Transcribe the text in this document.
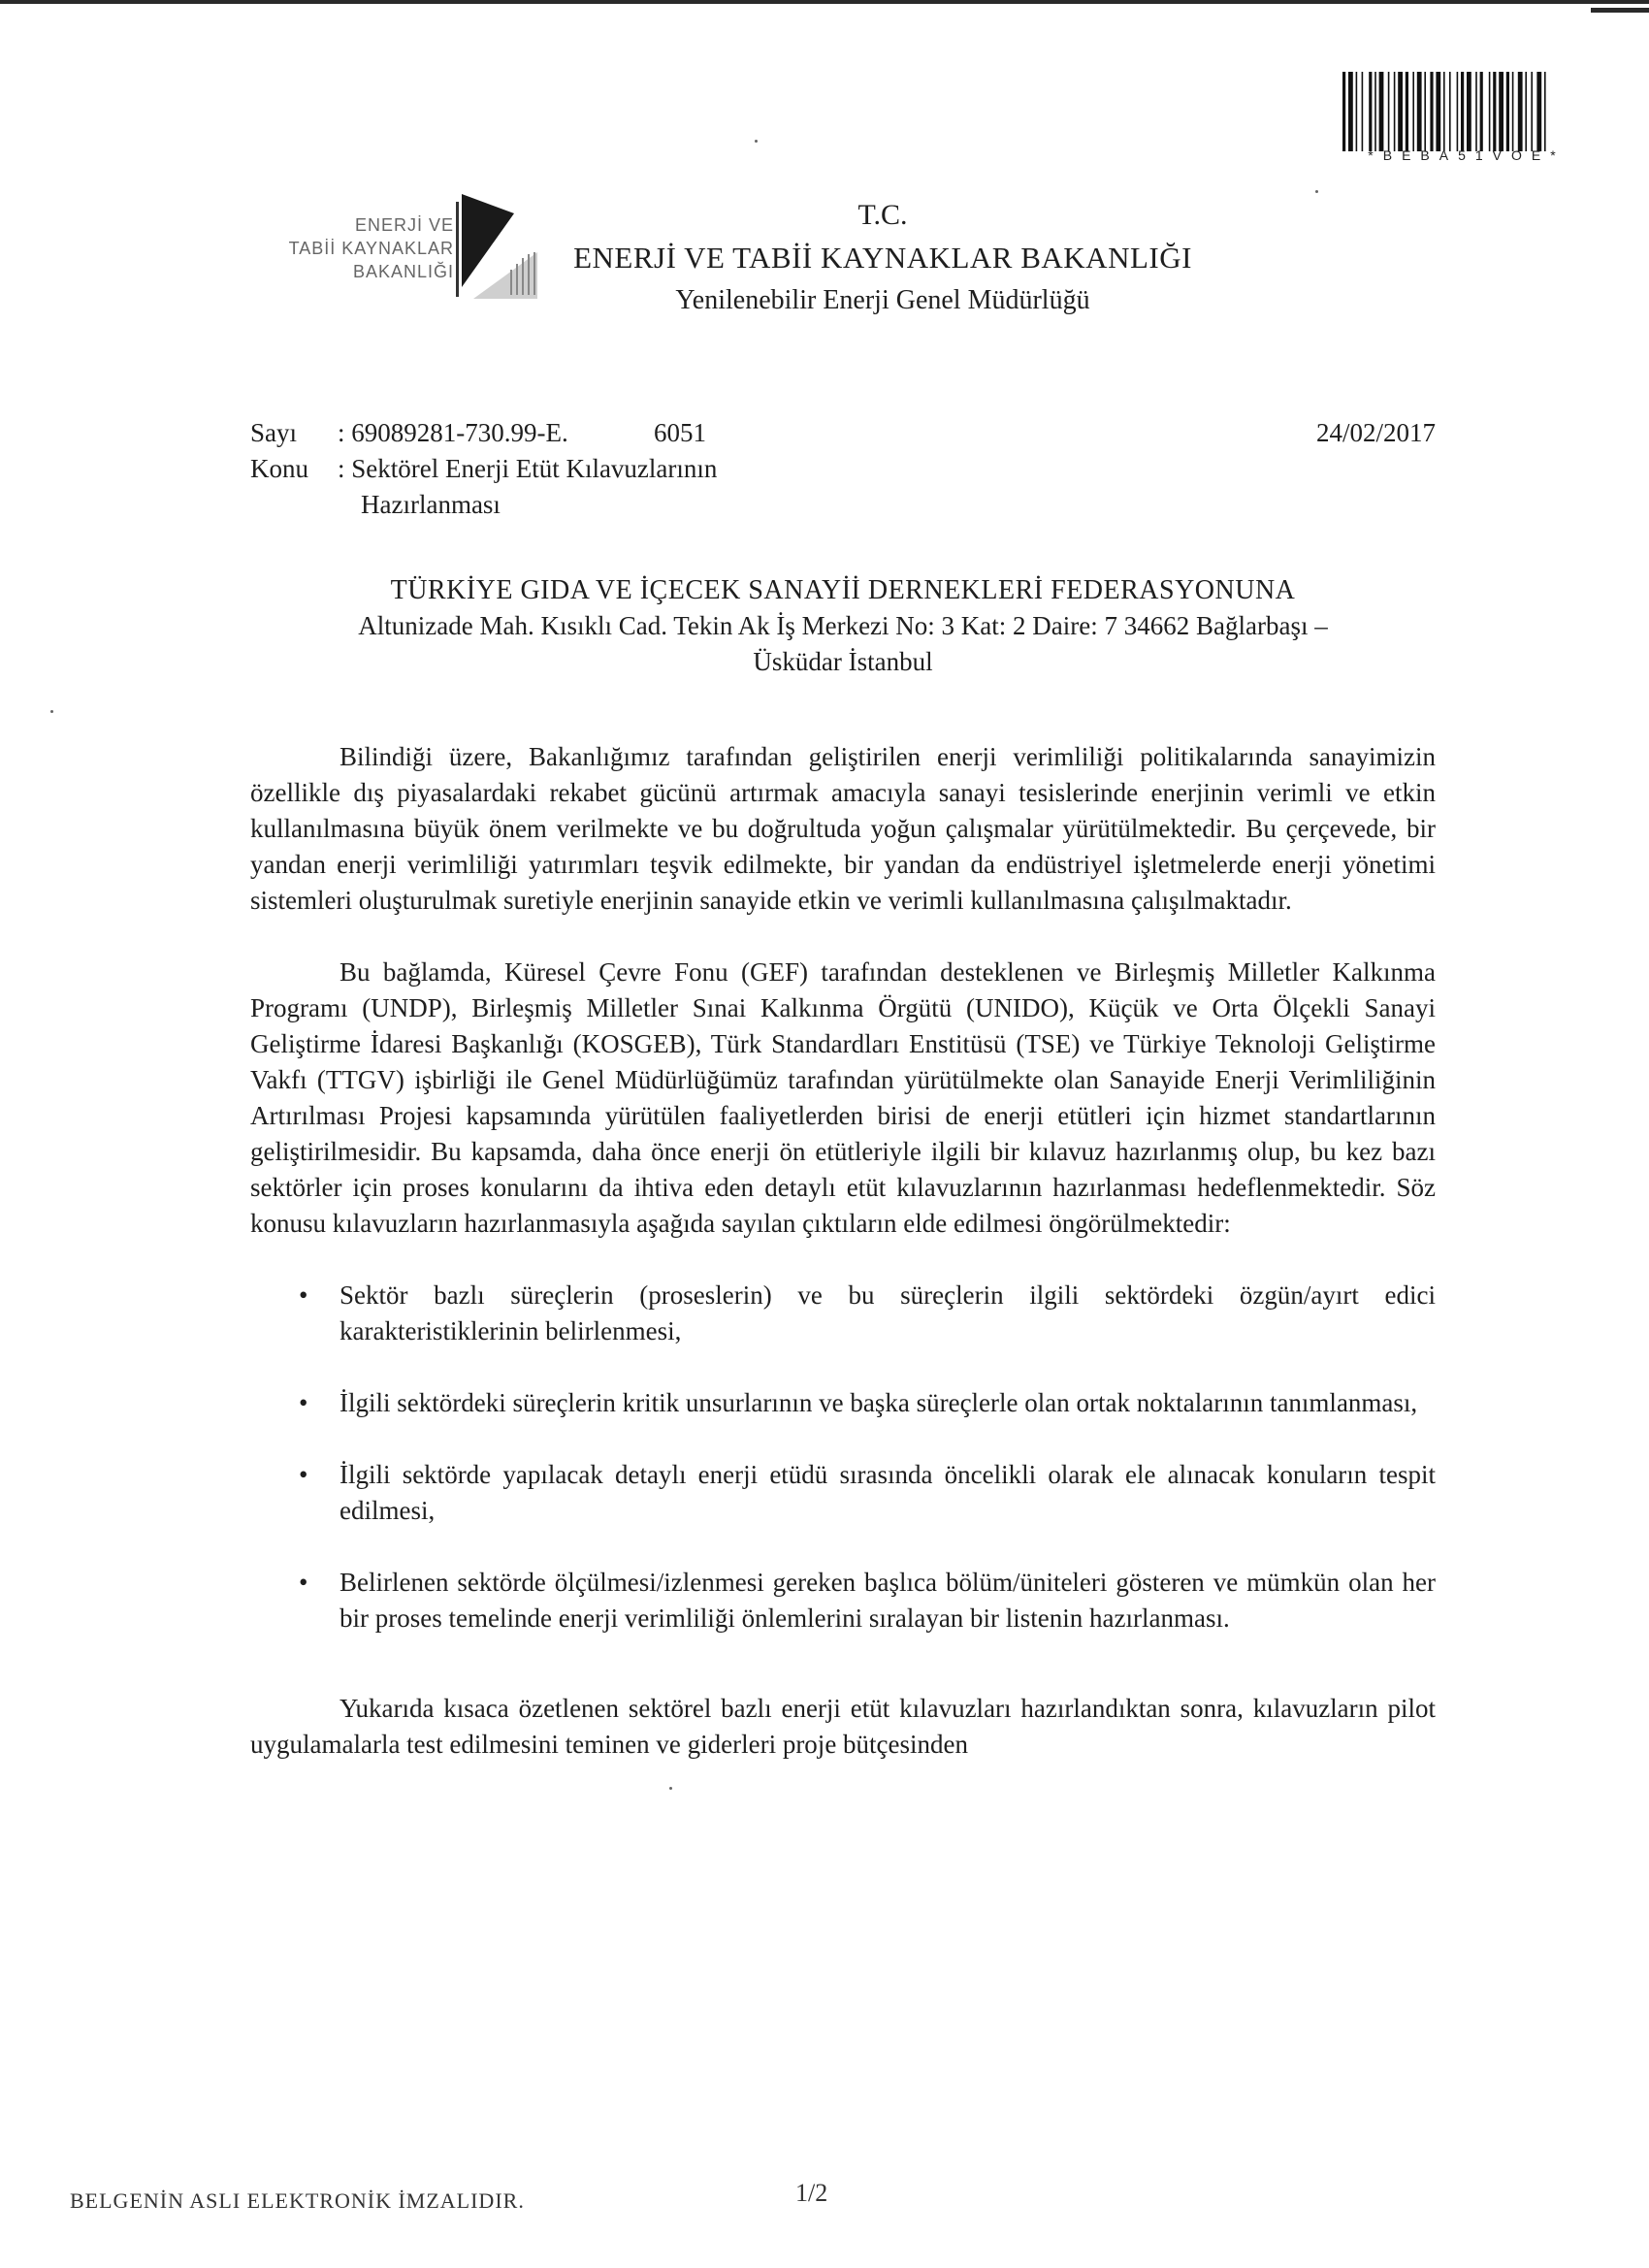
*BEBA51VOE*
ENERJİ VE
TABİİ KAYNAKLAR
BAKANLIĞI
T.C.
ENERJİ VE TABİİ KAYNAKLAR BAKANLIĞI
Yenilenebilir Enerji Genel Müdürlüğü
Sayı	: 69089281-730.99-E.	6051	24/02/2017
Konu	: Sektörel Enerji Etüt Kılavuzlarının
Hazırlanması
TÜRKİYE GIDA VE İÇECEK SANAYİİ DERNEKLERİ FEDERASYONUNA
Altunizade Mah. Kısıklı Cad. Tekin Ak İş Merkezi No: 3 Kat: 2 Daire: 7 34662 Bağlarbaşı –
Üsküdar İstanbul

Bilindiği üzere, Bakanlığımız tarafından geliştirilen enerji verimliliği politikalarında sanayimizin özellikle dış piyasalardaki rekabet gücünü artırmak amacıyla sanayi tesislerinde enerjinin verimli ve etkin kullanılmasına büyük önem verilmekte ve bu doğrultuda yoğun çalışmalar yürütülmektedir. Bu çerçevede, bir yandan enerji verimliliği yatırımları teşvik edilmekte, bir yandan da endüstriyel işletmelerde enerji yönetimi sistemleri oluşturulmak suretiyle enerjinin sanayide etkin ve verimli kullanılmasına çalışılmaktadır.

Bu bağlamda, Küresel Çevre Fonu (GEF) tarafından desteklenen ve Birleşmiş Milletler Kalkınma Programı (UNDP), Birleşmiş Milletler Sınai Kalkınma Örgütü (UNIDO), Küçük ve Orta Ölçekli Sanayi Geliştirme İdaresi Başkanlığı (KOSGEB), Türk Standardları Enstitüsü (TSE) ve Türkiye Teknoloji Geliştirme Vakfı (TTGV) işbirliği ile Genel Müdürlüğümüz tarafından yürütülmekte olan Sanayide Enerji Verimliliğinin Artırılması Projesi kapsamında yürütülen faaliyetlerden birisi de enerji etütleri için hizmet standartlarının geliştirilmesidir. Bu kapsamda, daha önce enerji ön etütleriyle ilgili bir kılavuz hazırlanmış olup, bu kez bazı sektörler için proses konularını da ihtiva eden detaylı etüt kılavuzlarının hazırlanması hedeflenmektedir. Söz konusu kılavuzların hazırlanmasıyla aşağıda sayılan çıktıların elde edilmesi öngörülmektedir:

• Sektör bazlı süreçlerin (proseslerin) ve bu süreçlerin ilgili sektördeki özgün/ayırt edici karakteristiklerinin belirlenmesi,
• İlgili sektördeki süreçlerin kritik unsurlarının ve başka süreçlerle olan ortak noktalarının tanımlanması,
• İlgili sektörde yapılacak detaylı enerji etüdü sırasında öncelikli olarak ele alınacak konuların tespit edilmesi,
• Belirlenen sektörde ölçülmesi/izlenmesi gereken başlıca bölüm/üniteleri gösteren ve mümkün olan her bir proses temelinde enerji verimliliği önlemlerini sıralayan bir listenin hazırlanması.

Yukarıda kısaca özetlenen sektörel bazlı enerji etüt kılavuzları hazırlandıktan sonra, kılavuzların pilot uygulamalarla test edilmesini teminen ve giderleri proje bütçesinden

BELGENİN ASLI ELEKTRONİK İMZALIDIR.	1/2
